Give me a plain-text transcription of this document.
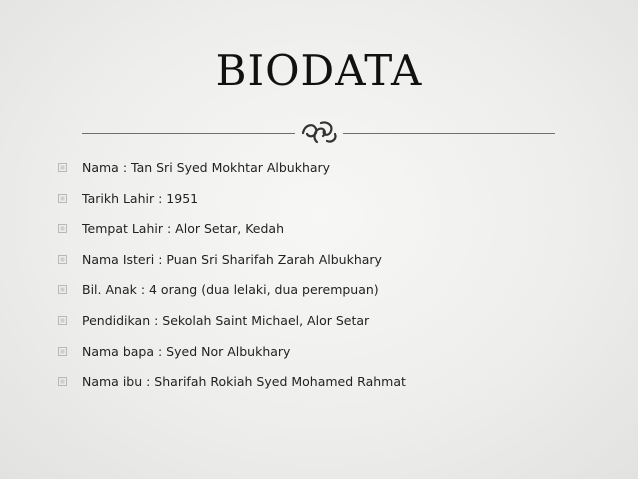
BIODATA
Nama : Tan Sri Syed Mokhtar Albukhary
Tarikh Lahir : 1951
Tempat Lahir : Alor Setar, Kedah
Nama Isteri : Puan Sri Sharifah Zarah Albukhary
Bil. Anak : 4 orang (dua lelaki, dua perempuan)
Pendidikan : Sekolah Saint Michael, Alor Setar
Nama bapa : Syed Nor Albukhary
Nama ibu : Sharifah Rokiah Syed Mohamed Rahmat
